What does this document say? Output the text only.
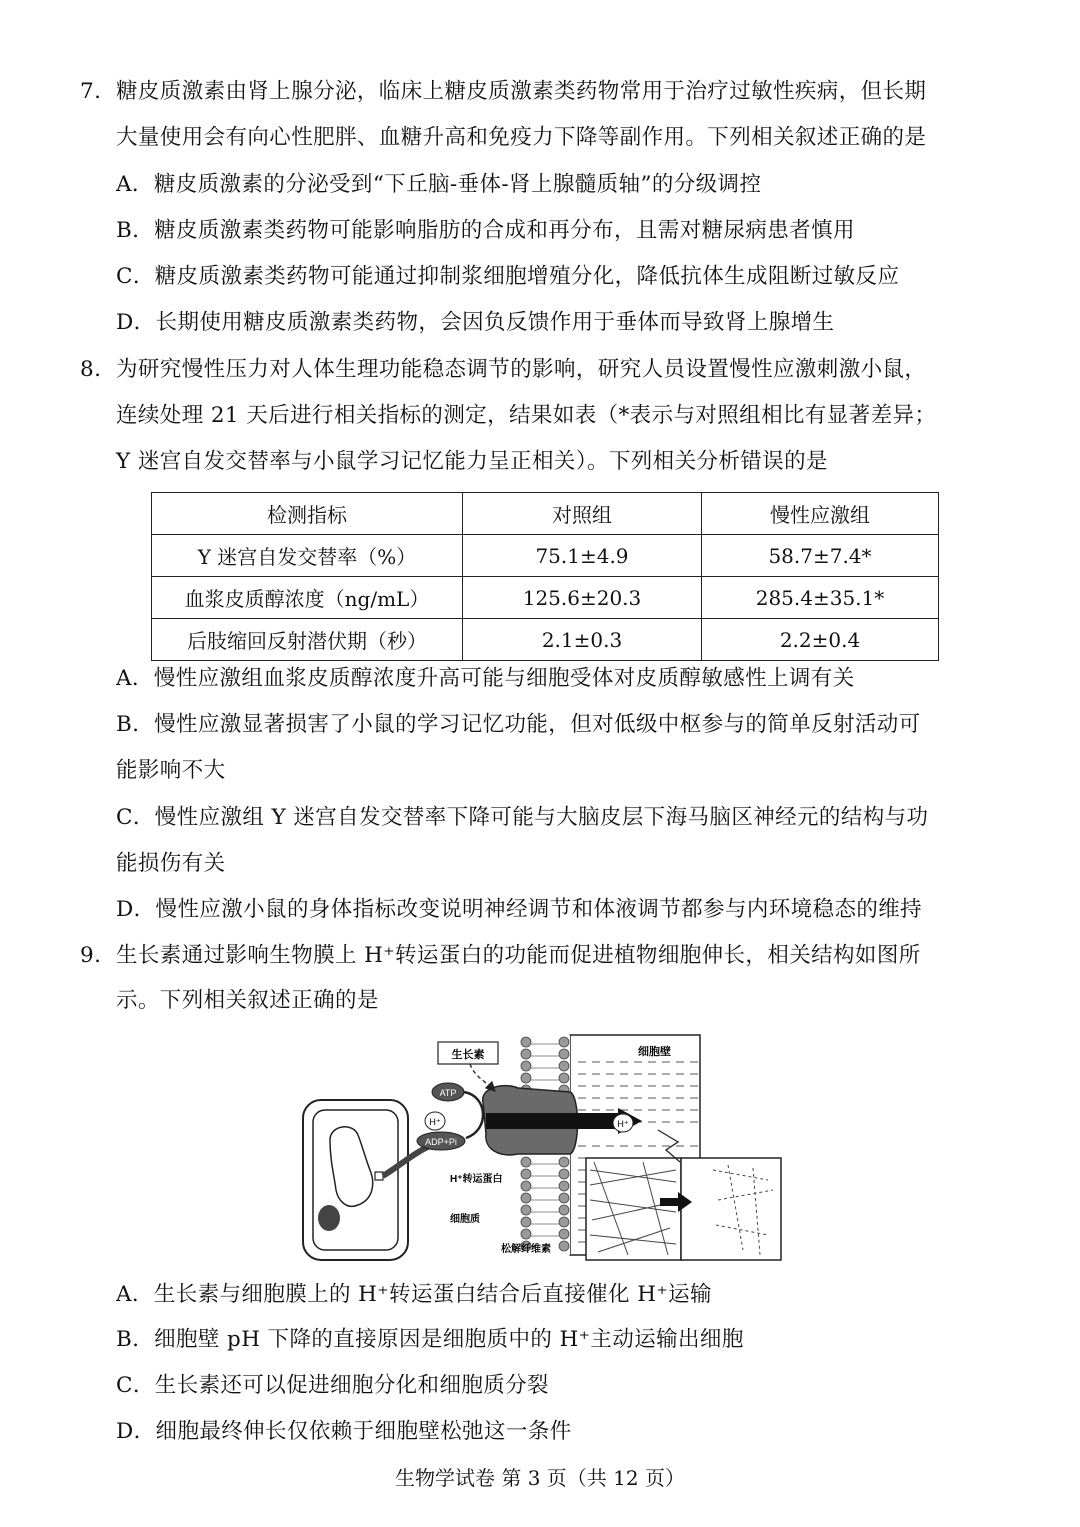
7. 糖皮质激素由肾上腺分泌，临床上糖皮质激素类药物常用于治疗过敏性疾病，但长期
大量使用会有向心性肥胖、血糖升高和免疫力下降等副作用。下列相关叙述正确的是
A．糖皮质激素的分泌受到“下丘脑-垂体-肾上腺髓质轴”的分级调控
B．糖皮质激素类药物可能影响脂肪的合成和再分布，且需对糖尿病患者慎用
C．糖皮质激素类药物可能通过抑制浆细胞增殖分化，降低抗体生成阻断过敏反应
D．长期使用糖皮质激素类药物，会因负反馈作用于垂体而导致肾上腺增生
8. 为研究慢性压力对人体生理功能稳态调节的影响，研究人员设置慢性应激刺激小鼠，
连续处理 21 天后进行相关指标的测定，结果如表（*表示与对照组相比有显著差异；
Y 迷宫自发交替率与小鼠学习记忆能力呈正相关）。下列相关分析错误的是
检测指标	对照组	慢性应激组
Y 迷宫自发交替率（%）	75.1±4.9	58.7±7.4*
血浆皮质醇浓度（ng/mL）	125.6±20.3	285.4±35.1*
后肢缩回反射潜伏期（秒）	2.1±0.3	2.2±0.4
A．慢性应激组血浆皮质醇浓度升高可能与细胞受体对皮质醇敏感性上调有关
B．慢性应激显著损害了小鼠的学习记忆功能，但对低级中枢参与的简单反射活动可
能影响不大
C．慢性应激组 Y 迷宫自发交替率下降可能与大脑皮层下海马脑区神经元的结构与功
能损伤有关
D．慢性应激小鼠的身体指标改变说明神经调节和体液调节都参与内环境稳态的维持
9. 生长素通过影响生物膜上 H⁺转运蛋白的功能而促进植物细胞伸长，相关结构如图所
示。下列相关叙述正确的是
生长素
ATP
H⁺
ADP+Pi
H⁺
细胞壁
H⁺转运蛋白
细胞质
松解纤维素
A．生长素与细胞膜上的 H⁺转运蛋白结合后直接催化 H⁺运输
B．细胞壁 pH 下降的直接原因是细胞质中的 H⁺主动运输出细胞
C．生长素还可以促进细胞分化和细胞质分裂
D．细胞最终伸长仅依赖于细胞壁松弛这一条件
生物学试卷 第 3 页（共 12 页）
